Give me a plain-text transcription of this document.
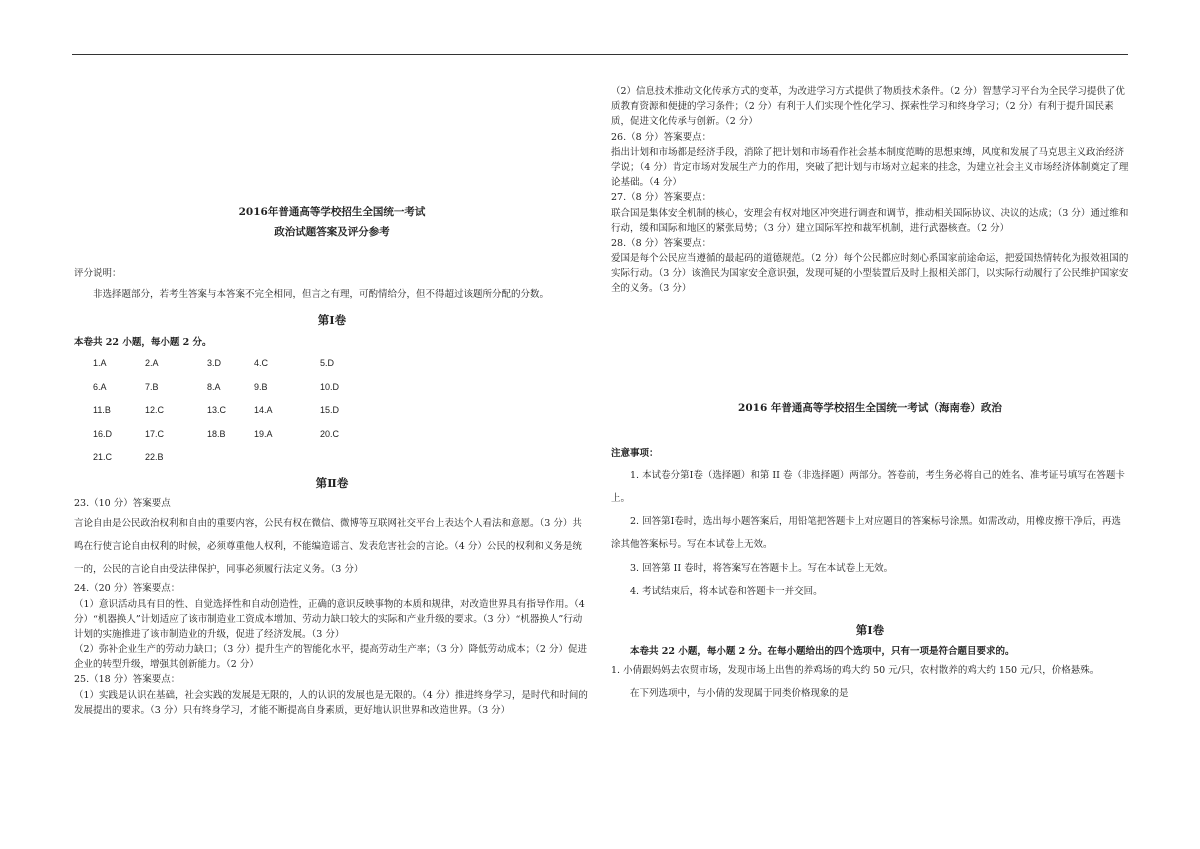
2016年普通高等学校招生全国统一考试

政治试题答案及评分参考

评分说明：

非选择题部分，若考生答案与本答案不完全相同，但言之有理，可酌情给分，但不得超过该题所分配的分数。

第Ⅰ卷

本卷共 22 小题，每小题 2 分。

1.A	2.A	3.D	4.C	5.D
6.A	7.B	8.A	9.B	10.D
11.B	12.C	13.C	14.A	15.D
16.D	17.C	18.B	19.A	20.C
21.C	22.B

第Ⅱ卷

23.（10 分）答案要点

言论自由是公民政治权利和自由的重要内容，公民有权在微信、微博等互联网社交平台上表达个人看法和意愿。（3 分）共鸣在行使言论自由权利的时候，必须尊重他人权利，不能编造谣言、发表危害社会的言论。（4 分）公民的权利和义务是统一的，公民的言论自由受法律保护，同事必须履行法定义务。（3 分）

24.（20 分）答案要点：

（1）意识活动具有目的性、自觉选择性和自动创造性，正确的意识反映事物的本质和规律，对改造世界具有指导作用。（4 分）“机器换人”计划适应了该市制造业工资成本增加、劳动力缺口较大的实际和产业升级的要求。（3 分）“机器换人”行动计划的实施推进了该市制造业的升级，促进了经济发展。（3 分）

（2）弥补企业生产的劳动力缺口；（3 分）提升生产的智能化水平，提高劳动生产率；（3 分）降低劳动成本；（2 分）促进企业的转型升级，增强其创新能力。（2 分）

25.（18 分）答案要点：

（1）实践是认识在基础，社会实践的发展是无限的，人的认识的发展也是无限的。（4 分）推进终身学习，是时代和时间的发展提出的要求。（3 分）只有终身学习，才能不断提高自身素质，更好地认识世界和改造世界。（3 分）

（2）信息技术推动文化传承方式的变革，为改进学习方式提供了物质技术条件。（2 分）智慧学习平台为全民学习提供了优质教育资源和便捷的学习条件；（2 分）有利于人们实现个性化学习、探索性学习和终身学习；（2 分）有利于提升国民素质，促进文化传承与创新。（2 分）

26.（8 分）答案要点：

指出计划和市场都是经济手段，消除了把计划和市场看作社会基本制度范畴的思想束缚，风度和发展了马克思主义政治经济学说；（4 分）肯定市场对发展生产力的作用，突破了把计划与市场对立起来的挂念，为建立社会主义市场经济体制奠定了理论基础。（4 分）

27.（8 分）答案要点：

联合国是集体安全机制的核心，安理会有权对地区冲突进行调查和调节，推动相关国际协议、决议的达成；（3 分）通过维和行动，缓和国际和地区的紧张局势；（3 分）建立国际军控和裁军机制，进行武器核查。（2 分）

28.（8 分）答案要点：

爱国是每个公民应当遵循的最起码的道德规范。（2 分）每个公民都应时刻心系国家前途命运，把爱国热情转化为报效祖国的实际行动。（3 分）该渔民为国家安全意识强，发现可疑的小型装置后及时上报相关部门，以实际行动履行了公民维护国家安全的义务。（3 分）

2016 年普通高等学校招生全国统一考试（海南卷）政治

注意事项：

1. 本试卷分第Ⅰ卷（选择题）和第 II 卷（非选择题）两部分。答卷前，考生务必将自己的姓名、准考证号填写在答题卡上。

2. 回答第Ⅰ卷时，选出每小题答案后，用铅笔把答题卡上对应题目的答案标号涂黑。如需改动，用橡皮擦干净后，再选涂其他答案标号。写在本试卷上无效。

3. 回答第 II 卷时，将答案写在答题卡上。写在本试卷上无效。

4. 考试结束后，将本试卷和答题卡一并交回。

第Ⅰ卷

本卷共 22 小题，每小题 2 分。在每小题给出的四个选项中，只有一项是符合题目要求的。

1. 小倩跟妈妈去农贸市场，发现市场上出售的养鸡场的鸡大约 50 元/只，农村散养的鸡大约 150 元/只，价格悬殊。

在下列选项中，与小倩的发现属于同类价格现象的是
